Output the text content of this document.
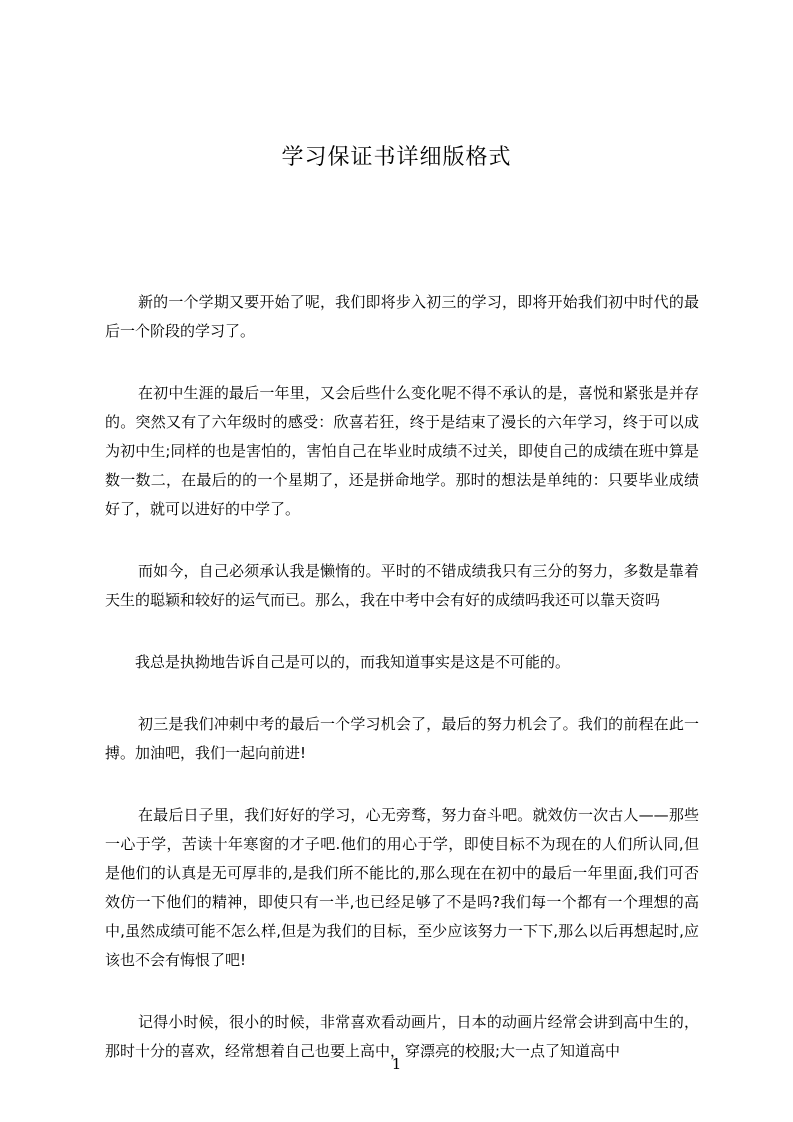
学习保证书详细版格式

新的一个学期又要开始了呢，我们即将步入初三的学习，即将开始我们初中时代的最后一个阶段的学习了。

在初中生涯的最后一年里，又会后些什么变化呢不得不承认的是，喜悦和紧张是并存的。突然又有了六年级时的感受：欣喜若狂，终于是结束了漫长的六年学习，终于可以成为初中生;同样的也是害怕的，害怕自己在毕业时成绩不过关，即使自己的成绩在班中算是数一数二，在最后的的一个星期了，还是拼命地学。那时的想法是单纯的：只要毕业成绩好了，就可以进好的中学了。

而如今，自己必须承认我是懒惰的。平时的不错成绩我只有三分的努力，多数是靠着天生的聪颖和较好的运气而已。那么，我在中考中会有好的成绩吗我还可以靠天资吗

我总是执拗地告诉自己是可以的，而我知道事实是这是不可能的。

初三是我们冲刺中考的最后一个学习机会了，最后的努力机会了。我们的前程在此一搏。加油吧，我们一起向前进!

在最后日子里，我们好好的学习，心无旁骛，努力奋斗吧。就效仿一次古人——那些一心于学，苦读十年寒窗的才子吧.他们的用心于学，即使目标不为现在的人们所认同,但是他们的认真是无可厚非的,是我们所不能比的,那么现在在初中的最后一年里面,我们可否效仿一下他们的精神，即使只有一半,也已经足够了不是吗?我们每一个都有一个理想的高中,虽然成绩可能不怎么样,但是为我们的目标，至少应该努力一下下,那么以后再想起时,应该也不会有悔恨了吧!

记得小时候，很小的时候，非常喜欢看动画片，日本的动画片经常会讲到高中生的，那时十分的喜欢，经常想着自己也要上高中，穿漂亮的校服;大一点了知道高中

1
